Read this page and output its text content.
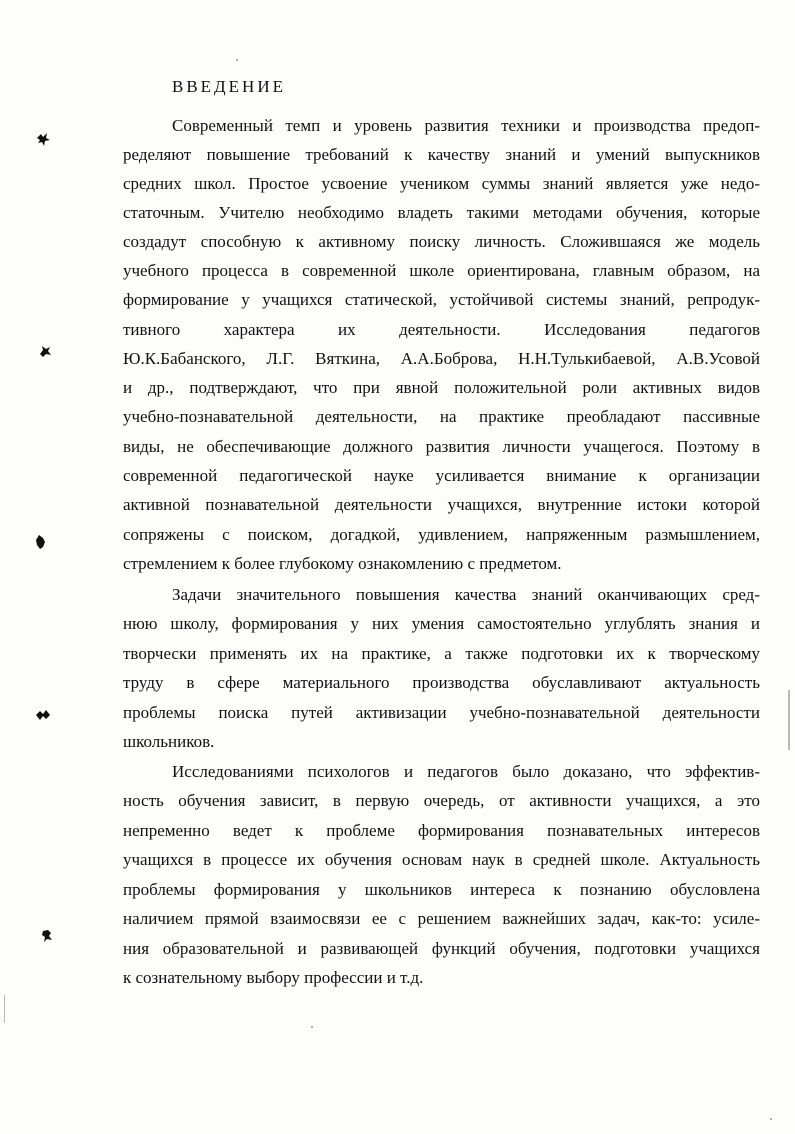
ВВЕДЕНИЕ
Современный темп и уровень развития техники и производства предоп-
ределяют повышение требований к качеству знаний и умений выпускников
средних школ. Простое усвоение учеником суммы знаний является уже недо-
статочным. Учителю необходимо владеть такими методами обучения, которые
создадут способную к активному поиску личность. Сложившаяся же модель
учебного процесса в современной школе ориентирована, главным образом, на
формирование у учащихся статической, устойчивой системы знаний, репродук-
тивного характера их деятельности. Исследования педагогов
Ю.К.Бабанского, Л.Г. Вяткина, А.А.Боброва, Н.Н.Тулькибаевой, А.В.Усовой
и др., подтверждают, что при явной положительной роли активных видов
учебно-познавательной деятельности, на практике преобладают пассивные
виды, не обеспечивающие должного развития личности учащегося. Поэтому в
современной педагогической науке усиливается внимание к организации
активной познавательной деятельности учащихся, внутренние истоки которой
сопряжены с поиском, догадкой, удивлением, напряженным размышлением,
стремлением к более глубокому ознакомлению с предметом.
Задачи значительного повышения качества знаний оканчивающих сред-
нюю школу, формирования у них умения самостоятельно углублять знания и
творчески применять их на практике, а также подготовки их к творческому
труду в сфере материального производства обуславливают актуальность
проблемы поиска путей активизации учебно-познавательной деятельности
школьников.
Исследованиями психологов и педагогов было доказано, что эффектив-
ность обучения зависит, в первую очередь, от активности учащихся, а это
непременно ведет к проблеме формирования познавательных интересов
учащихся в процессе их обучения основам наук в средней школе. Актуальность
проблемы формирования у школьников интереса к познанию обусловлена
наличием прямой взаимосвязи ее с решением важнейших задач, как-то: усиле-
ния образовательной и развивающей функций обучения, подготовки учащихся
к сознательному выбору профессии и т.д.
